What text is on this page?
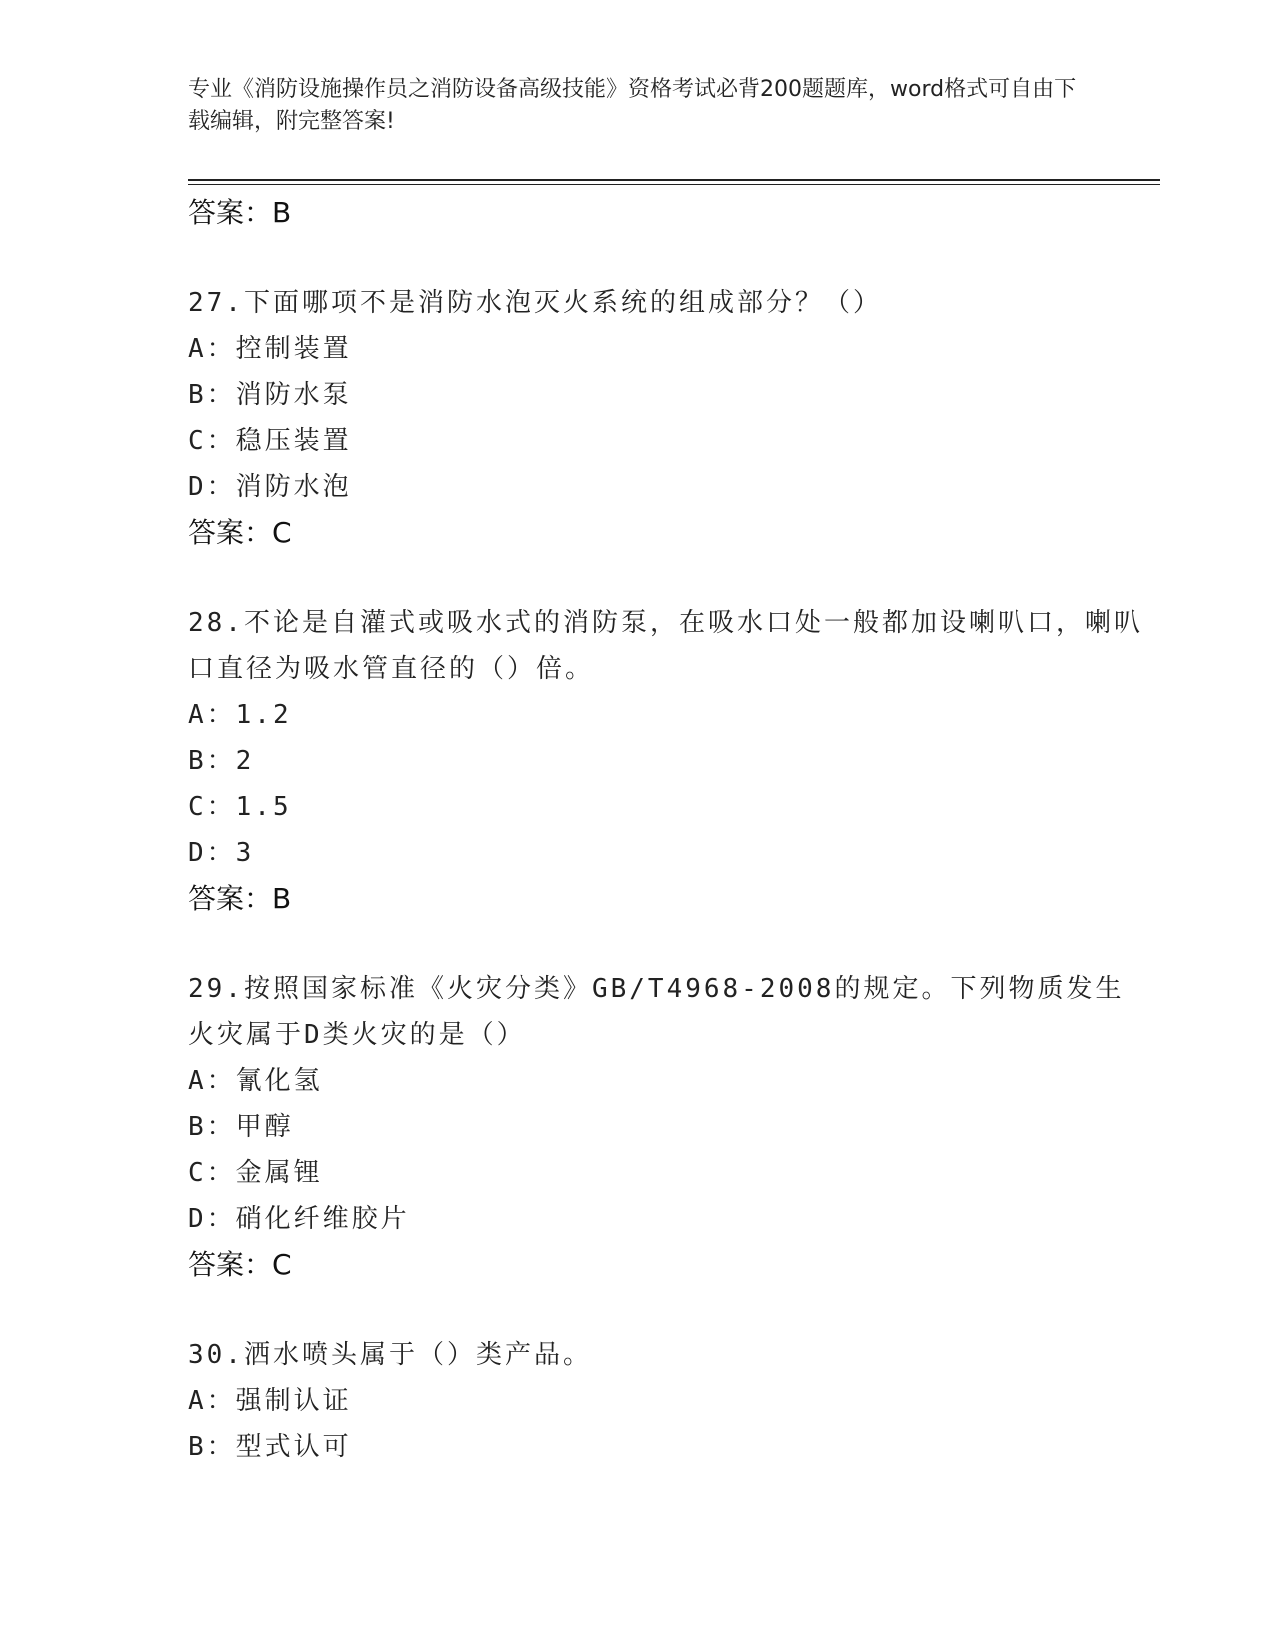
专业《消防设施操作员之消防设备高级技能》资格考试必背200题题库，word格式可自由下载编辑，附完整答案!
答案：B
27.下面哪项不是消防水泡灭火系统的组成部分？（）
A：控制装置
B：消防水泵
C：稳压装置
D：消防水泡
答案：C
28.不论是自灌式或吸水式的消防泵，在吸水口处一般都加设喇叭口，喇叭口直径为吸水管直径的（）倍。
A：1.2
B：2
C：1.5
D：3
答案：B
29.按照国家标准《火灾分类》GB/T4968-2008的规定。下列物质发生火灾属于D类火灾的是（）
A：氰化氢
B：甲醇
C：金属锂
D：硝化纤维胶片
答案：C
30.洒水喷头属于（）类产品。
A：强制认证
B：型式认可
